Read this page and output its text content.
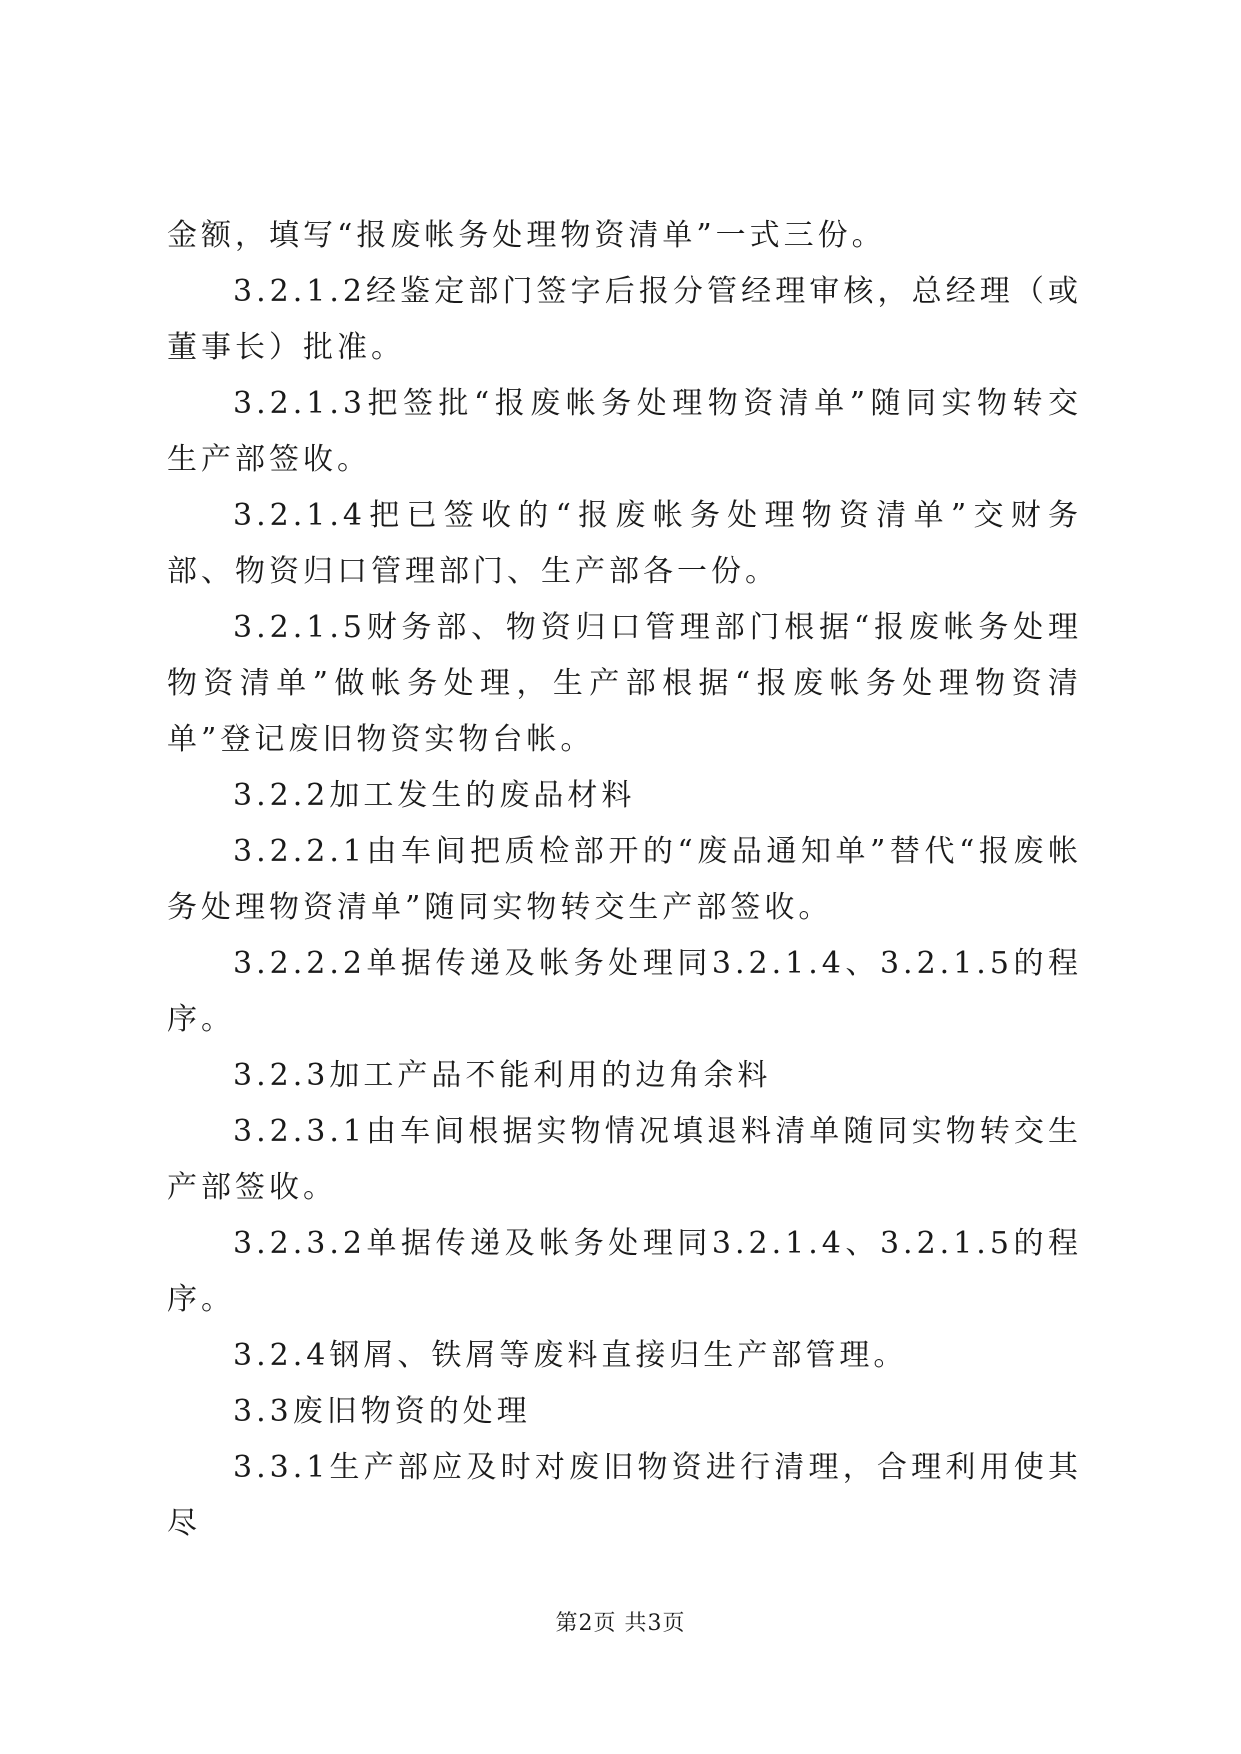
金额，填写“报废帐务处理物资清单”一式三份。

3.2.1.2经鉴定部门签字后报分管经理审核，总经理（或董事长）批准。

3.2.1.3把签批“报废帐务处理物资清单”随同实物转交生产部签收。

3.2.1.4把已签收的“报废帐务处理物资清单”交财务部、物资归口管理部门、生产部各一份。

3.2.1.5财务部、物资归口管理部门根据“报废帐务处理物资清单”做帐务处理，生产部根据“报废帐务处理物资清单”登记废旧物资实物台帐。

3.2.2加工发生的废品材料

3.2.2.1由车间把质检部开的“废品通知单”替代“报废帐务处理物资清单”随同实物转交生产部签收。

3.2.2.2单据传递及帐务处理同3.2.1.4、3.2.1.5的程序。

3.2.3加工产品不能利用的边角余料

3.2.3.1由车间根据实物情况填退料清单随同实物转交生产部签收。

3.2.3.2单据传递及帐务处理同3.2.1.4、3.2.1.5的程序。

3.2.4钢屑、铁屑等废料直接归生产部管理。

3.3废旧物资的处理

3.3.1生产部应及时对废旧物资进行清理，合理利用使其尽

第2页 共3页
